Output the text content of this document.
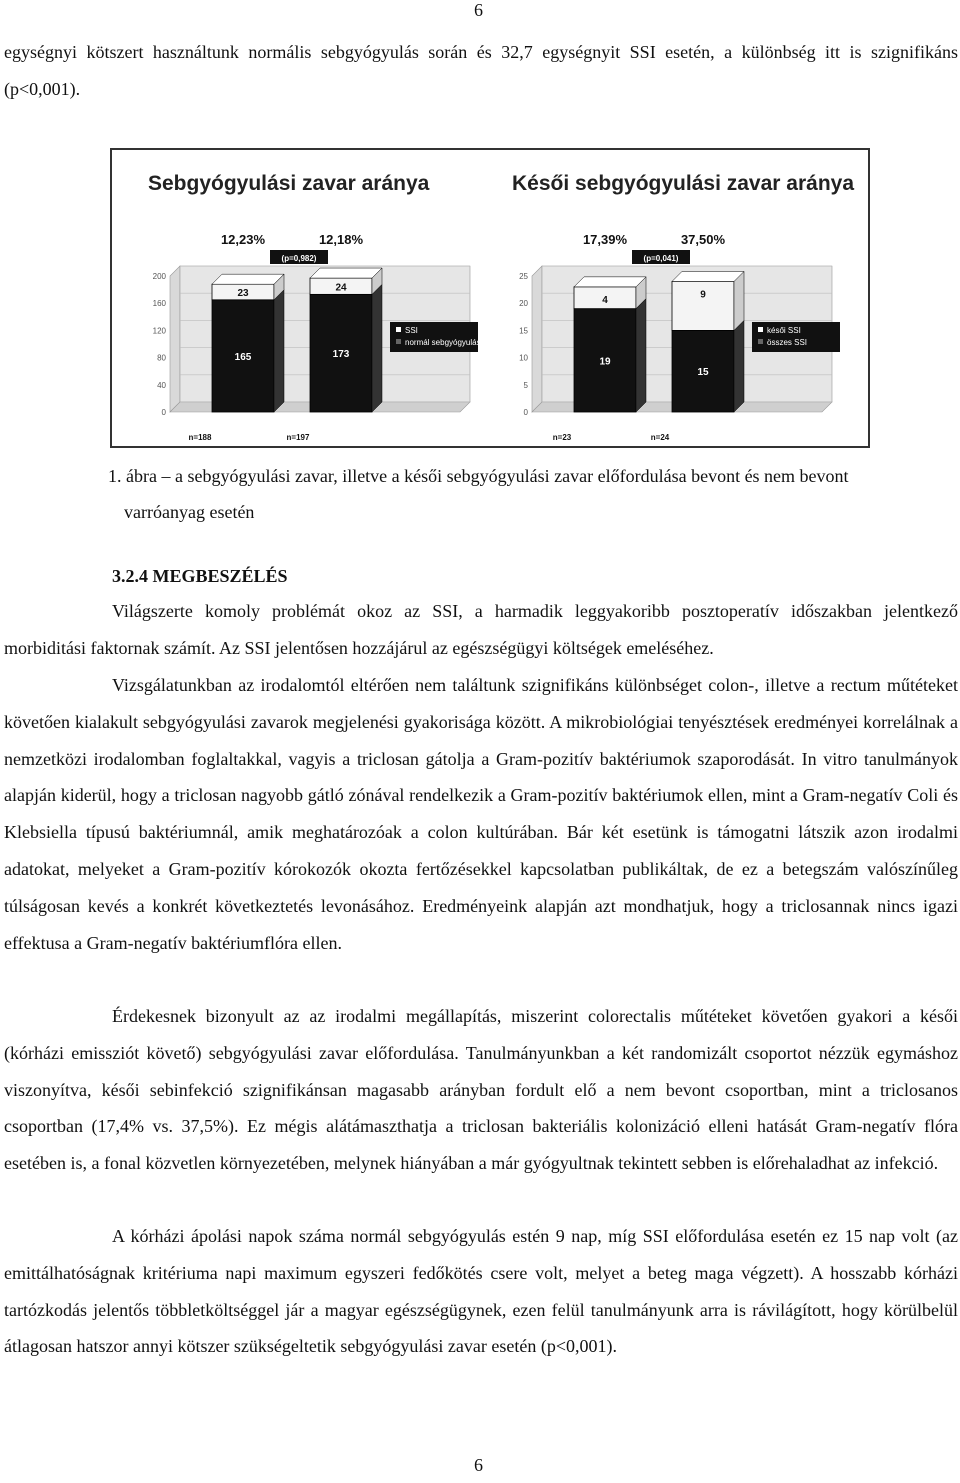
6

egységnyi kötszert használtunk normális sebgyógyulás során és 32,7 egységnyit SSI esetén, a különbség itt is szignifikáns (p<0,001).

Sebgyógyulási zavar aránya	Késői sebgyógyulási zavar aránya
0
40
80
120
160
200
23
165
12,23%
n=188
24
173
12,18%
n=197
(p=0,982)
SSI
normál sebgyógyulás
0
5
10
15
20
25
4
19
17,39%
n=23
9
15
37,50%
n=24
(p=0,041)
késői SSI
összes SSI

1. ábra – a sebgyógyulási zavar, illetve a késői sebgyógyulási zavar előfordulása bevont és nem bevont
varróanyag esetén

3.2.4 MEGBESZÉLÉS

Világszerte komoly problémát okoz az SSI, a harmadik leggyakoribb posztoperatív időszakban jelentkező morbiditási faktornak számít. Az SSI jelentősen hozzájárul az egészségügyi költségek emeléséhez.

Vizsgálatunkban az irodalomtól eltérően nem találtunk szignifikáns különbséget colon-, illetve a rectum műtéteket követően kialakult sebgyógyulási zavarok megjelenési gyakorisága között. A mikrobiológiai tenyésztések eredményei korrelálnak a nemzetközi irodalomban foglaltakkal, vagyis a triclosan gátolja a Gram-pozitív baktériumok szaporodását. In vitro tanulmányok alapján kiderül, hogy a triclosan nagyobb gátló zónával rendelkezik a Gram-pozitív baktériumok ellen, mint a Gram-negatív Coli és Klebsiella típusú baktériumnál, amik meghatározóak a colon kultúrában. Bár két esetünk is támogatni látszik azon irodalmi adatokat, melyeket a Gram-pozitív kórokozók okozta fertőzésekkel kapcsolatban publikáltak, de ez a betegszám valószínűleg túlságosan kevés a konkrét következtetés levonásához. Eredményeink alapján azt mondhatjuk, hogy a triclosannak nincs igazi effektusa a Gram-negatív baktériumflóra ellen.

Érdekesnek bizonyult az az irodalmi megállapítás, miszerint colorectalis műtéteket követően gyakori a késői (kórházi emissziót követő) sebgyógyulási zavar előfordulása. Tanulmányunkban a két randomizált csoportot nézzük egymáshoz viszonyítva, késői sebinfekció szignifikánsan magasabb arányban fordult elő a nem bevont csoportban, mint a triclosanos csoportban (17,4% vs. 37,5%). Ez mégis alátámaszthatja a triclosan bakteriális kolonizáció elleni hatását Gram-negatív flóra esetében is, a fonal közvetlen környezetében, melynek hiányában a már gyógyultnak tekintett sebben is előrehaladhat az infekció.

A kórházi ápolási napok száma normál sebgyógyulás estén 9 nap, míg SSI előfordulása esetén ez 15 nap volt (az emittálhatóságnak kritériuma napi maximum egyszeri fedőkötés csere volt, melyet a beteg maga végzett). A hosszabb kórházi tartózkodás jelentős többletköltséggel jár a magyar egészségügynek, ezen felül tanulmányunk arra is rávilágított, hogy körülbelül átlagosan hatszor annyi kötszer szükségeltetik sebgyógyulási zavar esetén (p<0,001).

6
